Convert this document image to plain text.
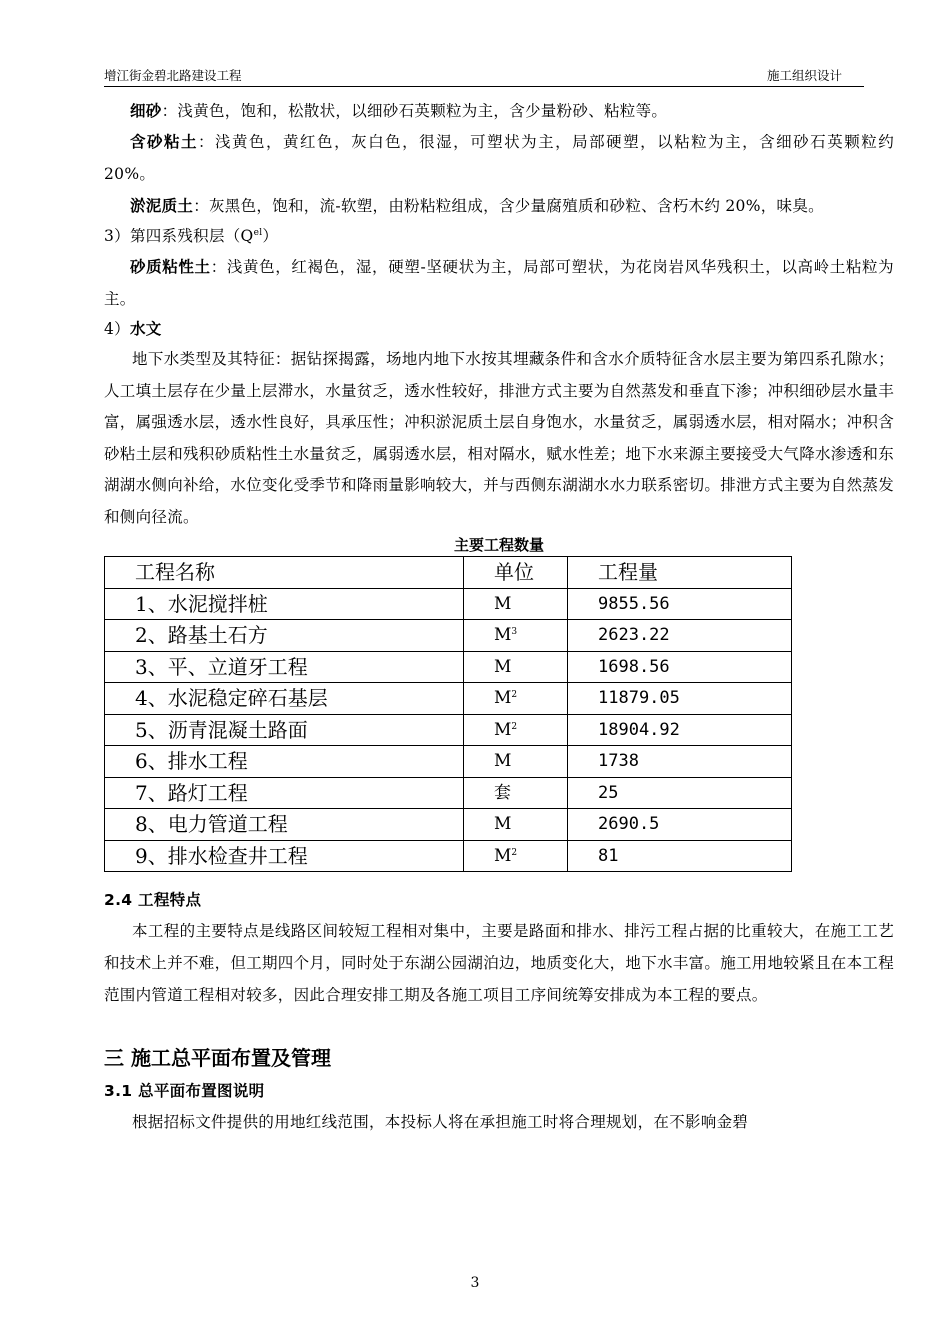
增江街金碧北路建设工程	施工组织设计

细砂：浅黄色，饱和，松散状，以细砂石英颗粒为主，含少量粉砂、粘粒等。

含砂粘土：浅黄色，黄红色，灰白色，很湿，可塑状为主，局部硬塑，以粘粒为主，含细砂石英颗粒约 20%。

淤泥质土：灰黑色，饱和，流-软塑，由粉粘粒组成，含少量腐殖质和砂粒、含朽木约 20%，味臭。

3）第四系残积层$(Q^{el})$

砂质粘性土：浅黄色，红褐色，湿，硬塑-坚硬状为主，局部可塑状，为花岗岩风华残积土，以高岭土粘粒为主。

4）水文

地下水类型及其特征：据钻探揭露，场地内地下水按其埋藏条件和含水介质特征含水层主要为第四系孔隙水；人工填土层存在少量上层滞水，水量贫乏，透水性较好，排泄方式主要为自然蒸发和垂直下渗；冲积细砂层水量丰富，属强透水层，透水性良好，具承压性；冲积淤泥质土层自身饱水，水量贫乏，属弱透水层，相对隔水；冲积含砂粘土层和残积砂质粘性土水量贫乏，属弱透水层，相对隔水，赋水性差；地下水来源主要接受大气降水渗透和东湖湖水侧向补给，水位变化受季节和降雨量影响较大，并与西侧东湖湖水水力联系密切。排泄方式主要为自然蒸发和侧向径流。

主要工程数量
工程名称	单位	工程量
1、水泥搅拌桩	M	9855.56
2、路基土石方	$M^3$	2623.22
3、平、立道牙工程	M	1698.56
4、水泥稳定碎石基层	$M^2$	11879.05
5、沥青混凝土路面	$M^2$	18904.92
6、排水工程	M	1738
7、路灯工程	套	25
8、电力管道工程	M	2690.5
9、排水检查井工程	$M^2$	81

2.4 工程特点

本工程的主要特点是线路区间较短工程相对集中，主要是路面和排水、排污工程占据的比重较大，在施工工艺和技术上并不难，但工期四个月，同时处于东湖公园湖泊边，地质变化大，地下水丰富。施工用地较紧且在本工程范围内管道工程相对较多，因此合理安排工期及各施工项目工序间统筹安排成为本工程的要点。

三 施工总平面布置及管理

3.1 总平面布置图说明

根据招标文件提供的用地红线范围，本投标人将在承担施工时将合理规划，在不影响金碧

3
